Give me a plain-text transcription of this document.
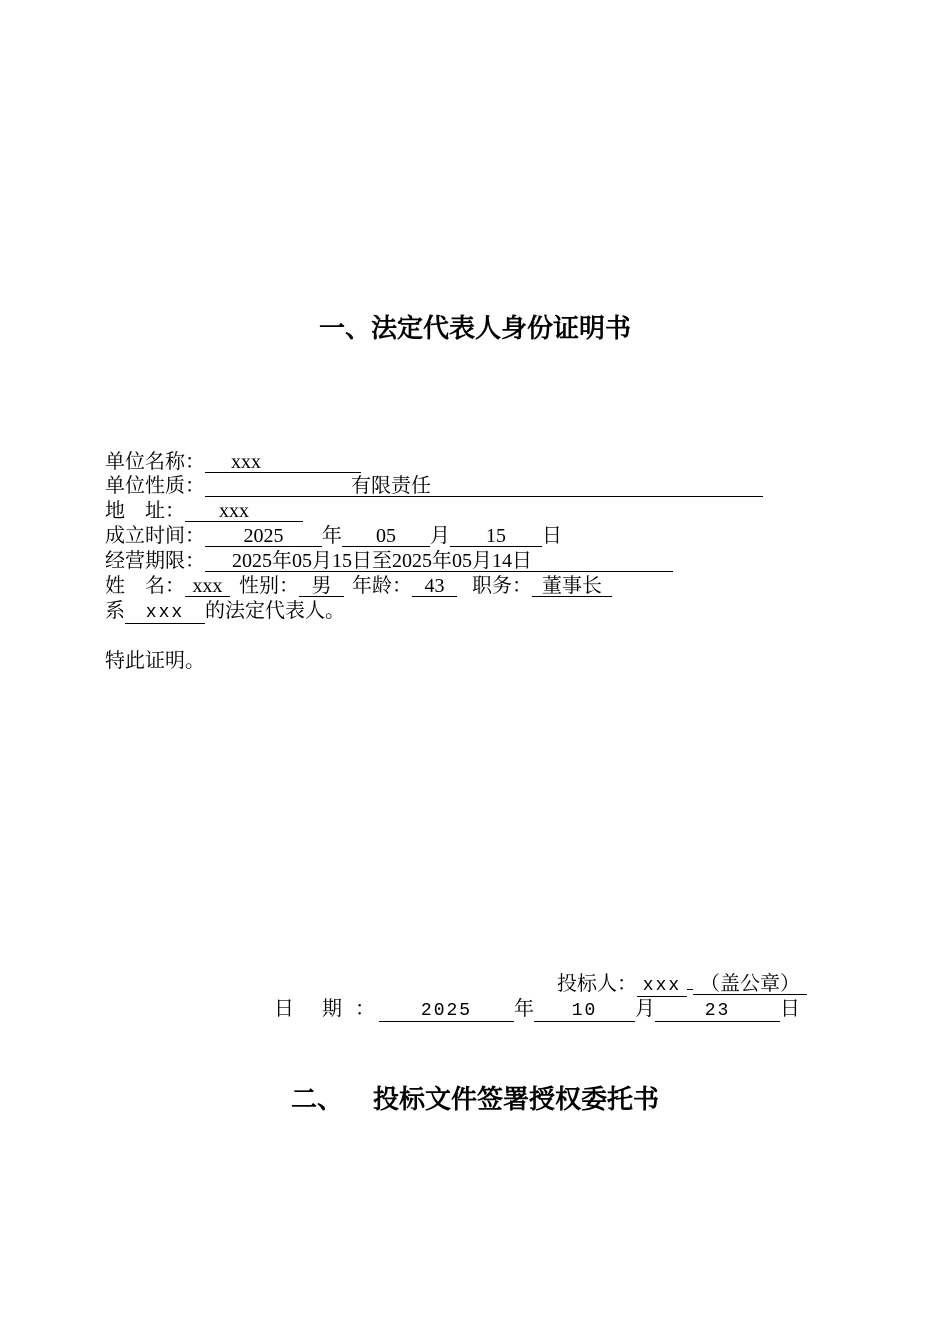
一、法定代表人身份证明书
单位名称： xxx
单位性质：	有限责任
地　址： xxx
成立时间： 2025 年 05 月 15 日
经营期限： 2025年05月15日至2025年05月14日
姓　名： xxx 性别： 男 年龄： 43 职务： 董事长
系 xxx 的法定代表人。
特此证明。
投标人： xxx （盖公章）
日　期 ： 2025 年 10 月	23 日
二、 投标文件签署授权委托书
